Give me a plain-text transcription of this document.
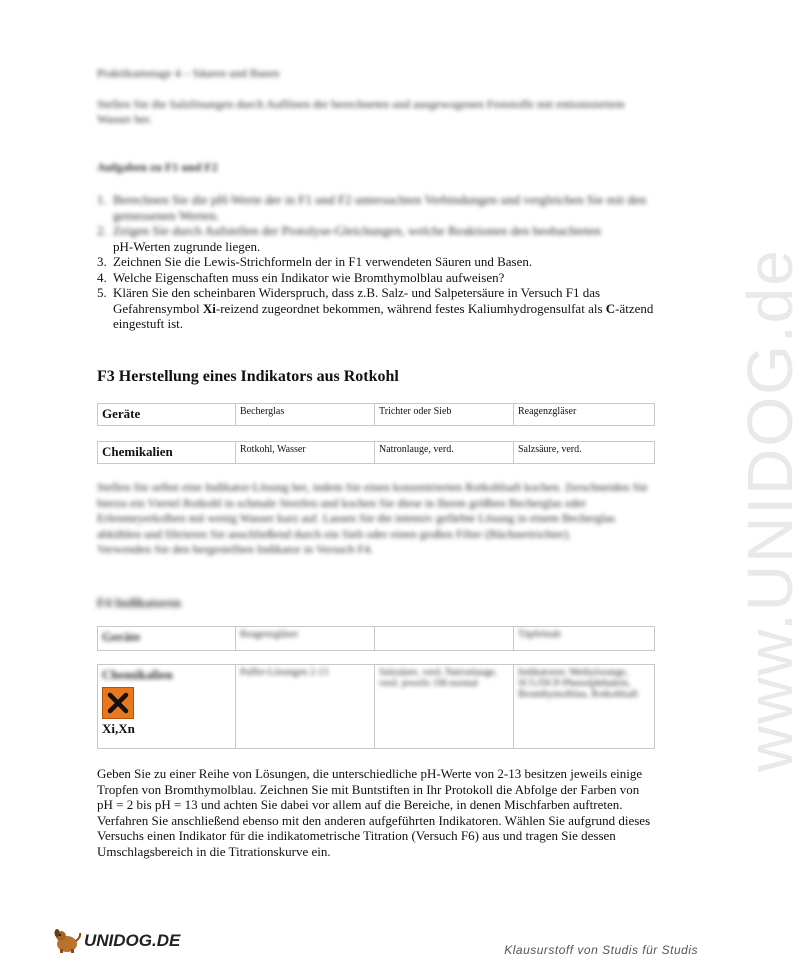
www.UNIDOG.de
Praktikumstage 4 – Säuren und Basen
Stellen Sie die Salzlösungen durch Auflösen der berechneten und ausgewogenen Feststoffe mit entionisiertem Wasser her.
Aufgaben zu F1 und F2
1. Berechnen Sie die pH-Werte der in F1 und F2 untersuchten Verbindungen und vergleichen Sie mit den gemessenen Werten.
2. Zeigen Sie durch Aufstellen der Protolyse-Gleichungen, welche Reaktionen den beobachteten
pH-Werten zugrunde liegen.
3. Zeichnen Sie die Lewis-Strichformeln der in F1 verwendeten Säuren und Basen.
4. Welche Eigenschaften muss ein Indikator wie Bromthymolblau aufweisen?
5. Klären Sie den scheinbaren Widerspruch, dass z.B. Salz- und Salpetersäure in Versuch F1 das Gefahrensymbol Xi-reizend zugeordnet bekommen, während festes Kaliumhydrogensulfat als C-ätzend eingestuft ist.
F3 Herstellung eines Indikators aus Rotkohl
Geräte	Becherglas	Trichter oder Sieb	Reagenzgläser
Chemikalien	Rotkohl, Wasser	Natronlauge, verd.	Salzsäure, verd.
Stellen Sie selbst eine Indikator-Lösung her, indem Sie einen konzentrierten Rotkohlsaft kochen. Zerschneiden Sie hierzu ein Viertel Rotkohl in schmale Streifen und kochen Sie diese in Ihrem größten Becherglas oder Erlenmeyerkolben mit wenig Wasser kurz auf. Lassen Sie die intensiv gefärbte Lösung in einem Becherglas abkühlen und filtrieren Sie anschließend durch ein Sieb oder einen großen Filter (Büchnertrichter).
Verwenden Sie den hergestellten Indikator in Versuch F4.
F4 Indikatoren
Geräte	Reagenzgläser		Tüpfelstab
Chemikalien
Xi,Xn
	Puffer-Lösungen 2-13	Salzsäure, verd. Natronlauge, verd. jeweils 1M-normal	Indikatoren: Methylorange, SCG/DCP-Phenolphthalein, Bromthymolblau, Rotkohlsaft
Geben Sie zu einer Reihe von Lösungen, die unterschiedliche pH-Werte von 2-13 besitzen jeweils einige Tropfen von Bromthymolblau. Zeichnen Sie mit Buntstiften in Ihr Protokoll die Abfolge der Farben von pH = 2 bis pH = 13 und achten Sie dabei vor allem auf die Bereiche, in denen Mischfarben auftreten. Verfahren Sie anschließend ebenso mit den anderen aufgeführten Indikatoren. Wählen Sie aufgrund dieses Versuchs einen Indikator für die indikatometrische Titration (Versuch F6) aus und tragen Sie dessen Umschlagsbereich in die Titrationskurve ein.
UNIDOG.DE	Klausurstoff von Studis für Studis
